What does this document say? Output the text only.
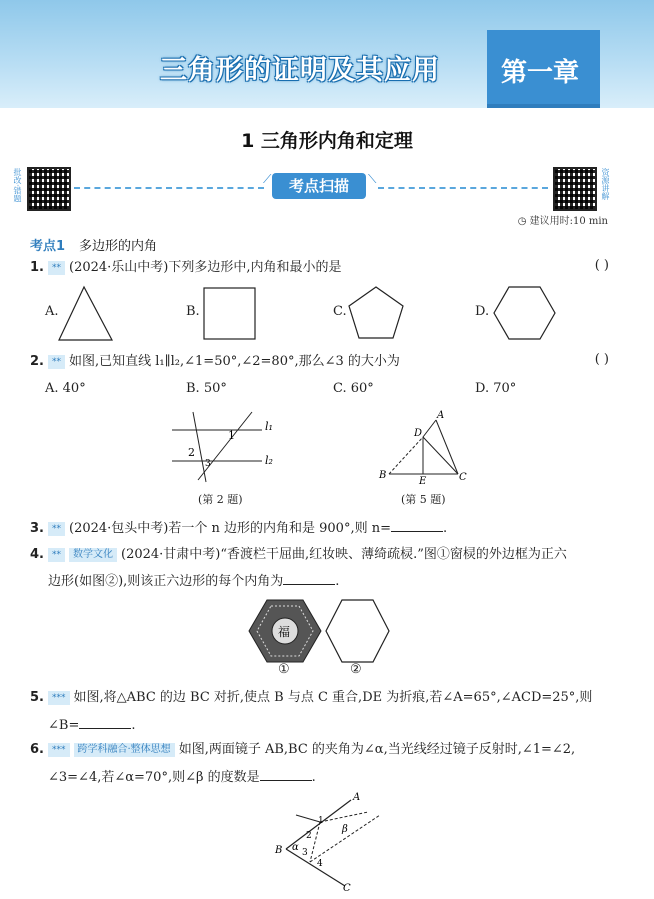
三角形的证明及其应用 第一章
1 三角形内角和定理
批改·错题	⟋	考点扫描	⟍	资源讲解
◷ 建议用时:10 min
考点1 多边形的内角
1. ** (2024·乐山中考)下列多边形中,内角和最小的是	( )
A.	B.	C.	D.
2. ** 如图,已知直线 l₁∥l₂,∠1=50°,∠2=80°,那么∠3 的大小为	( )
A. 40°	B. 50°	C. 60°	D. 70°
l₁
l₂
1
2
3
(第 2 题)
A
B	C
D
E
(第 5 题)
3. ** (2024·包头中考)若一个 n 边形的内角和是 900°,则 n=	.
4. ** 数学文化 (2024·甘肃中考)“香渡栏干屈曲,红妆映、薄绮疏棂.”图①窗棂的外边框为正六
边形(如图②),则该正六边形的每个内角为	.
福
①	②
5. *** 如图,将△ABC 的边 BC 对折,使点 B 与点 C 重合,DE 为折痕,若∠A=65°,∠ACD=25°,则
∠B=	.
6. *** 跨学科融合·整体思想 如图,两面镜子 AB,BC 的夹角为∠α,当光线经过镜子反射时,∠1=∠2,
∠3=∠4,若∠α=70°,则∠β 的度数是	.
A
B
C
1
2
3
4
α
β
